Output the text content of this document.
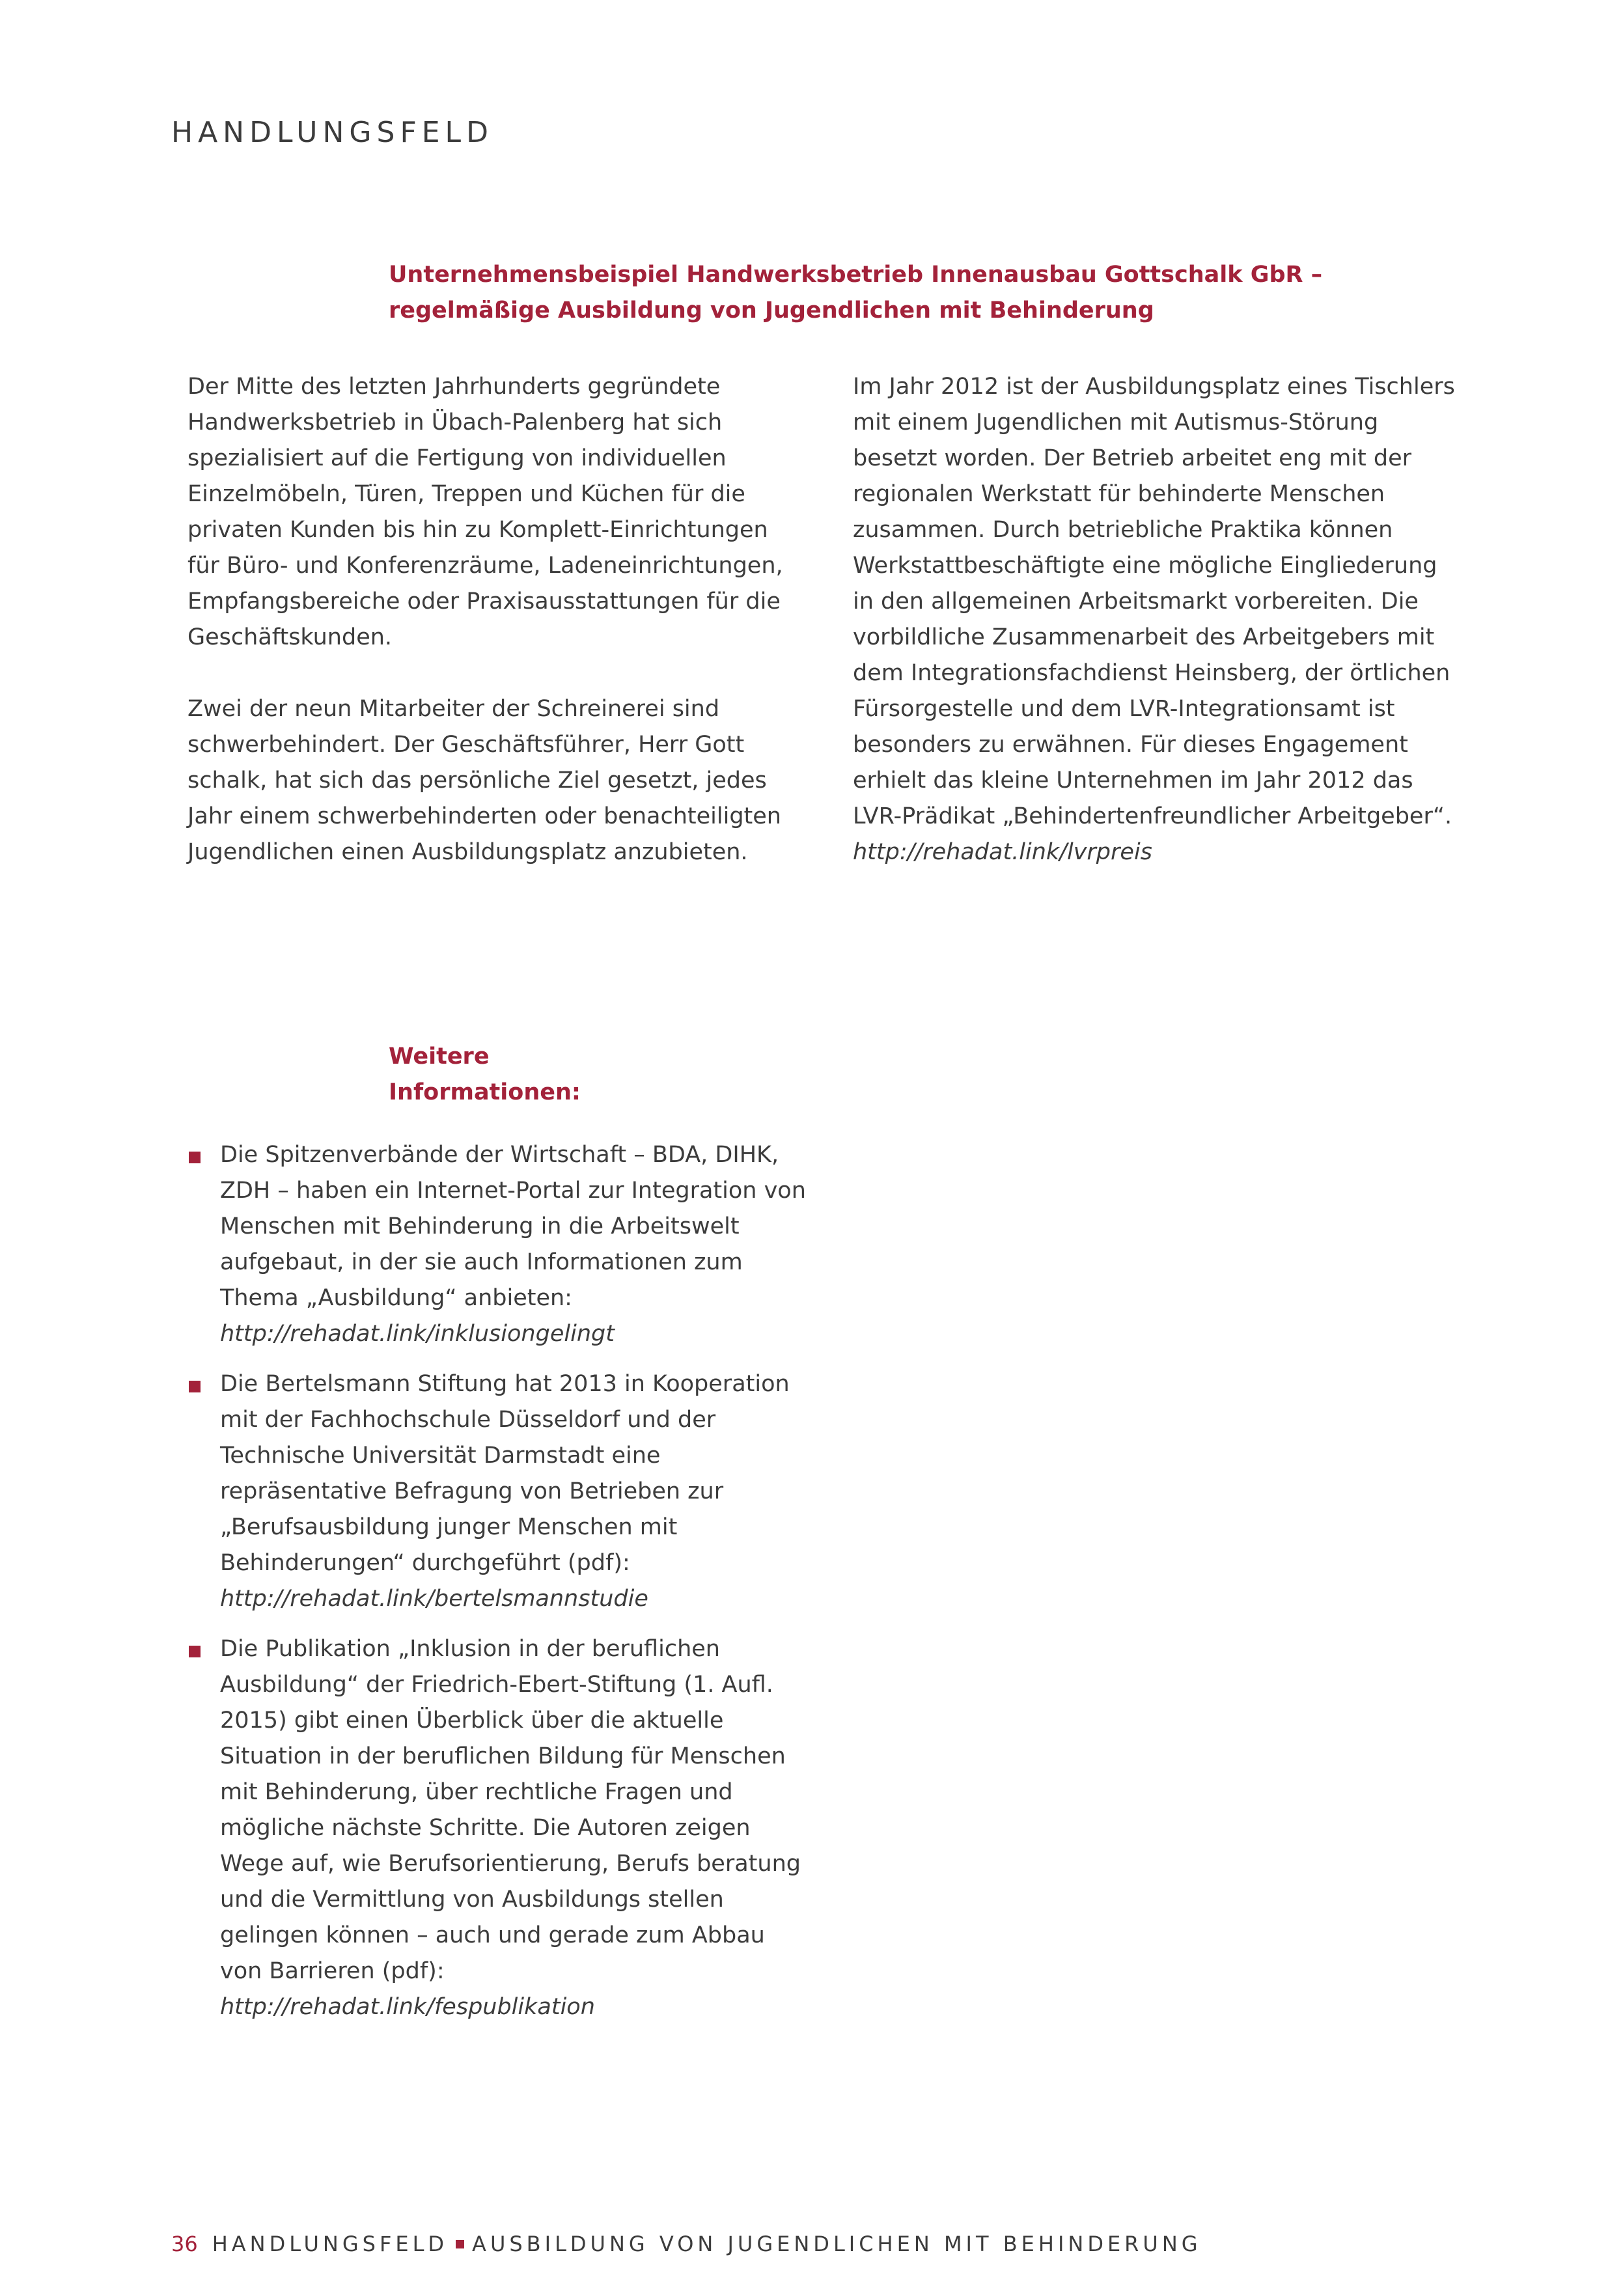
HANDLUNGSFELD
Unternehmensbeispiel Handwerksbetrieb Innenausbau Gottschalk GbR –
regelmäßige Ausbildung von Jugendlichen mit Behinderung

Der Mitte des letzten Jahrhunderts gegründete Handwerksbetrieb in Übach-Palenberg hat sich spezialisiert auf die Fertigung von individuellen Einzelmöbeln, Türen, Treppen und Küchen für die privaten Kunden bis hin zu Komplett-Einrichtungen für Büro- und Konferenzräume, Ladeneinrichtungen, Empfangsbereiche oder Praxisausstattungen für die Geschäftskunden.

Zwei der neun Mitarbeiter der Schreinerei sind schwerbehindert. Der Geschäftsführer, Herr Gott schalk, hat sich das persönliche Ziel gesetzt, jedes Jahr einem schwerbehinderten oder benachteiligten Jugendlichen einen Ausbildungsplatz anzubieten.

Im Jahr 2012 ist der Ausbildungsplatz eines Tischlers mit einem Jugendlichen mit Autismus-Störung besetzt worden. Der Betrieb arbeitet eng mit der regionalen Werkstatt für behinderte Menschen zusammen. Durch betriebliche Praktika können Werkstattbeschäftigte eine mögliche Eingliederung in den allgemeinen Arbeitsmarkt vorbereiten. Die vorbildliche Zusammenarbeit des Arbeitgebers mit dem Integrationsfachdienst Heinsberg, der örtlichen Fürsorgestelle und dem LVR-Integrationsamt ist besonders zu erwähnen. Für dieses Engagement erhielt das kleine Unternehmen im Jahr 2012 das LVR-Prädikat „Behindertenfreundlicher Arbeitgeber“. http://rehadat.link/lvrpreis

Weitere
Informationen:
Die Spitzenverbände der Wirtschaft – BDA, DIHK, ZDH – haben ein Internet-Portal zur Integration von Menschen mit Behinderung in die Arbeitswelt aufgebaut, in der sie auch Informationen zum Thema „Ausbildung“ anbieten: http://rehadat.link/inklusiongelingt
Die Bertelsmann Stiftung hat 2013 in Kooperation mit der Fachhochschule Düsseldorf und der Technische Universität Darmstadt eine repräsentative Befragung von Betrieben zur „Berufsausbildung junger Menschen mit Behinderungen“ durchgeführt (pdf): http://rehadat.link/bertelsmannstudie
Die Publikation „Inklusion in der beruflichen Ausbildung“ der Friedrich-Ebert-Stiftung (1. Aufl. 2015) gibt einen Überblick über die aktuelle Situation in der beruflichen Bildung für Menschen mit Behinderung, über rechtliche Fragen und mögliche nächste Schritte. Die Autoren zeigen Wege auf, wie Berufsorientierung, Berufs beratung und die Vermittlung von Ausbildungs stellen gelingen können – auch und gerade zum Abbau von Barrieren (pdf): http://rehadat.link/fespublikation
36 HANDLUNGSFELD AUSBILDUNG VON JUGENDLICHEN MIT BEHINDERUNG
